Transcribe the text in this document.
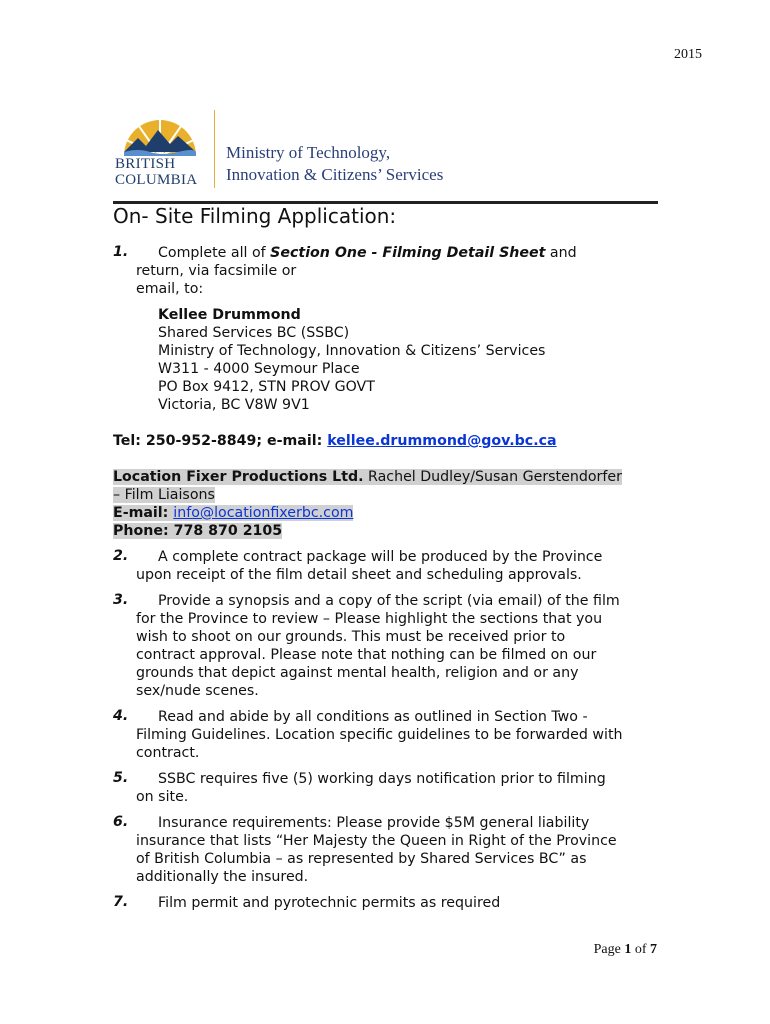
2015
BRITISH
COLUMBIA
Ministry of Technology,
Innovation & Citizens’ Services
On- Site Filming Application:
1. Complete all of Section One - Filming Detail Sheet and
return, via facsimile or
email, to:
Kellee Drummond
Shared Services BC (SSBC)
Ministry of Technology, Innovation & Citizens’ Services
W311 - 4000 Seymour Place
PO Box 9412, STN PROV GOVT
Victoria, BC V8W 9V1
Tel: 250-952-8849; e-mail: kellee.drummond@gov.bc.ca
Location Fixer Productions Ltd. Rachel Dudley/Susan Gerstendorfer
– Film Liaisons
E-mail: info@locationfixerbc.com
Phone: 778 870 2105
2. A complete contract package will be produced by the Province
upon receipt of the film detail sheet and scheduling approvals.
3. Provide a synopsis and a copy of the script (via email) of the film
for the Province to review – Please highlight the sections that you
wish to shoot on our grounds. This must be received prior to
contract approval. Please note that nothing can be filmed on our
grounds that depict against mental health, religion and or any
sex/nude scenes.
4. Read and abide by all conditions as outlined in Section Two -
Filming Guidelines. Location specific guidelines to be forwarded with
contract.
5. SSBC requires five (5) working days notification prior to filming
on site.
6. Insurance requirements: Please provide $5M general liability
insurance that lists “Her Majesty the Queen in Right of the Province
of British Columbia – as represented by Shared Services BC” as
additionally the insured.
7. Film permit and pyrotechnic permits as required
Page 1 of 7
